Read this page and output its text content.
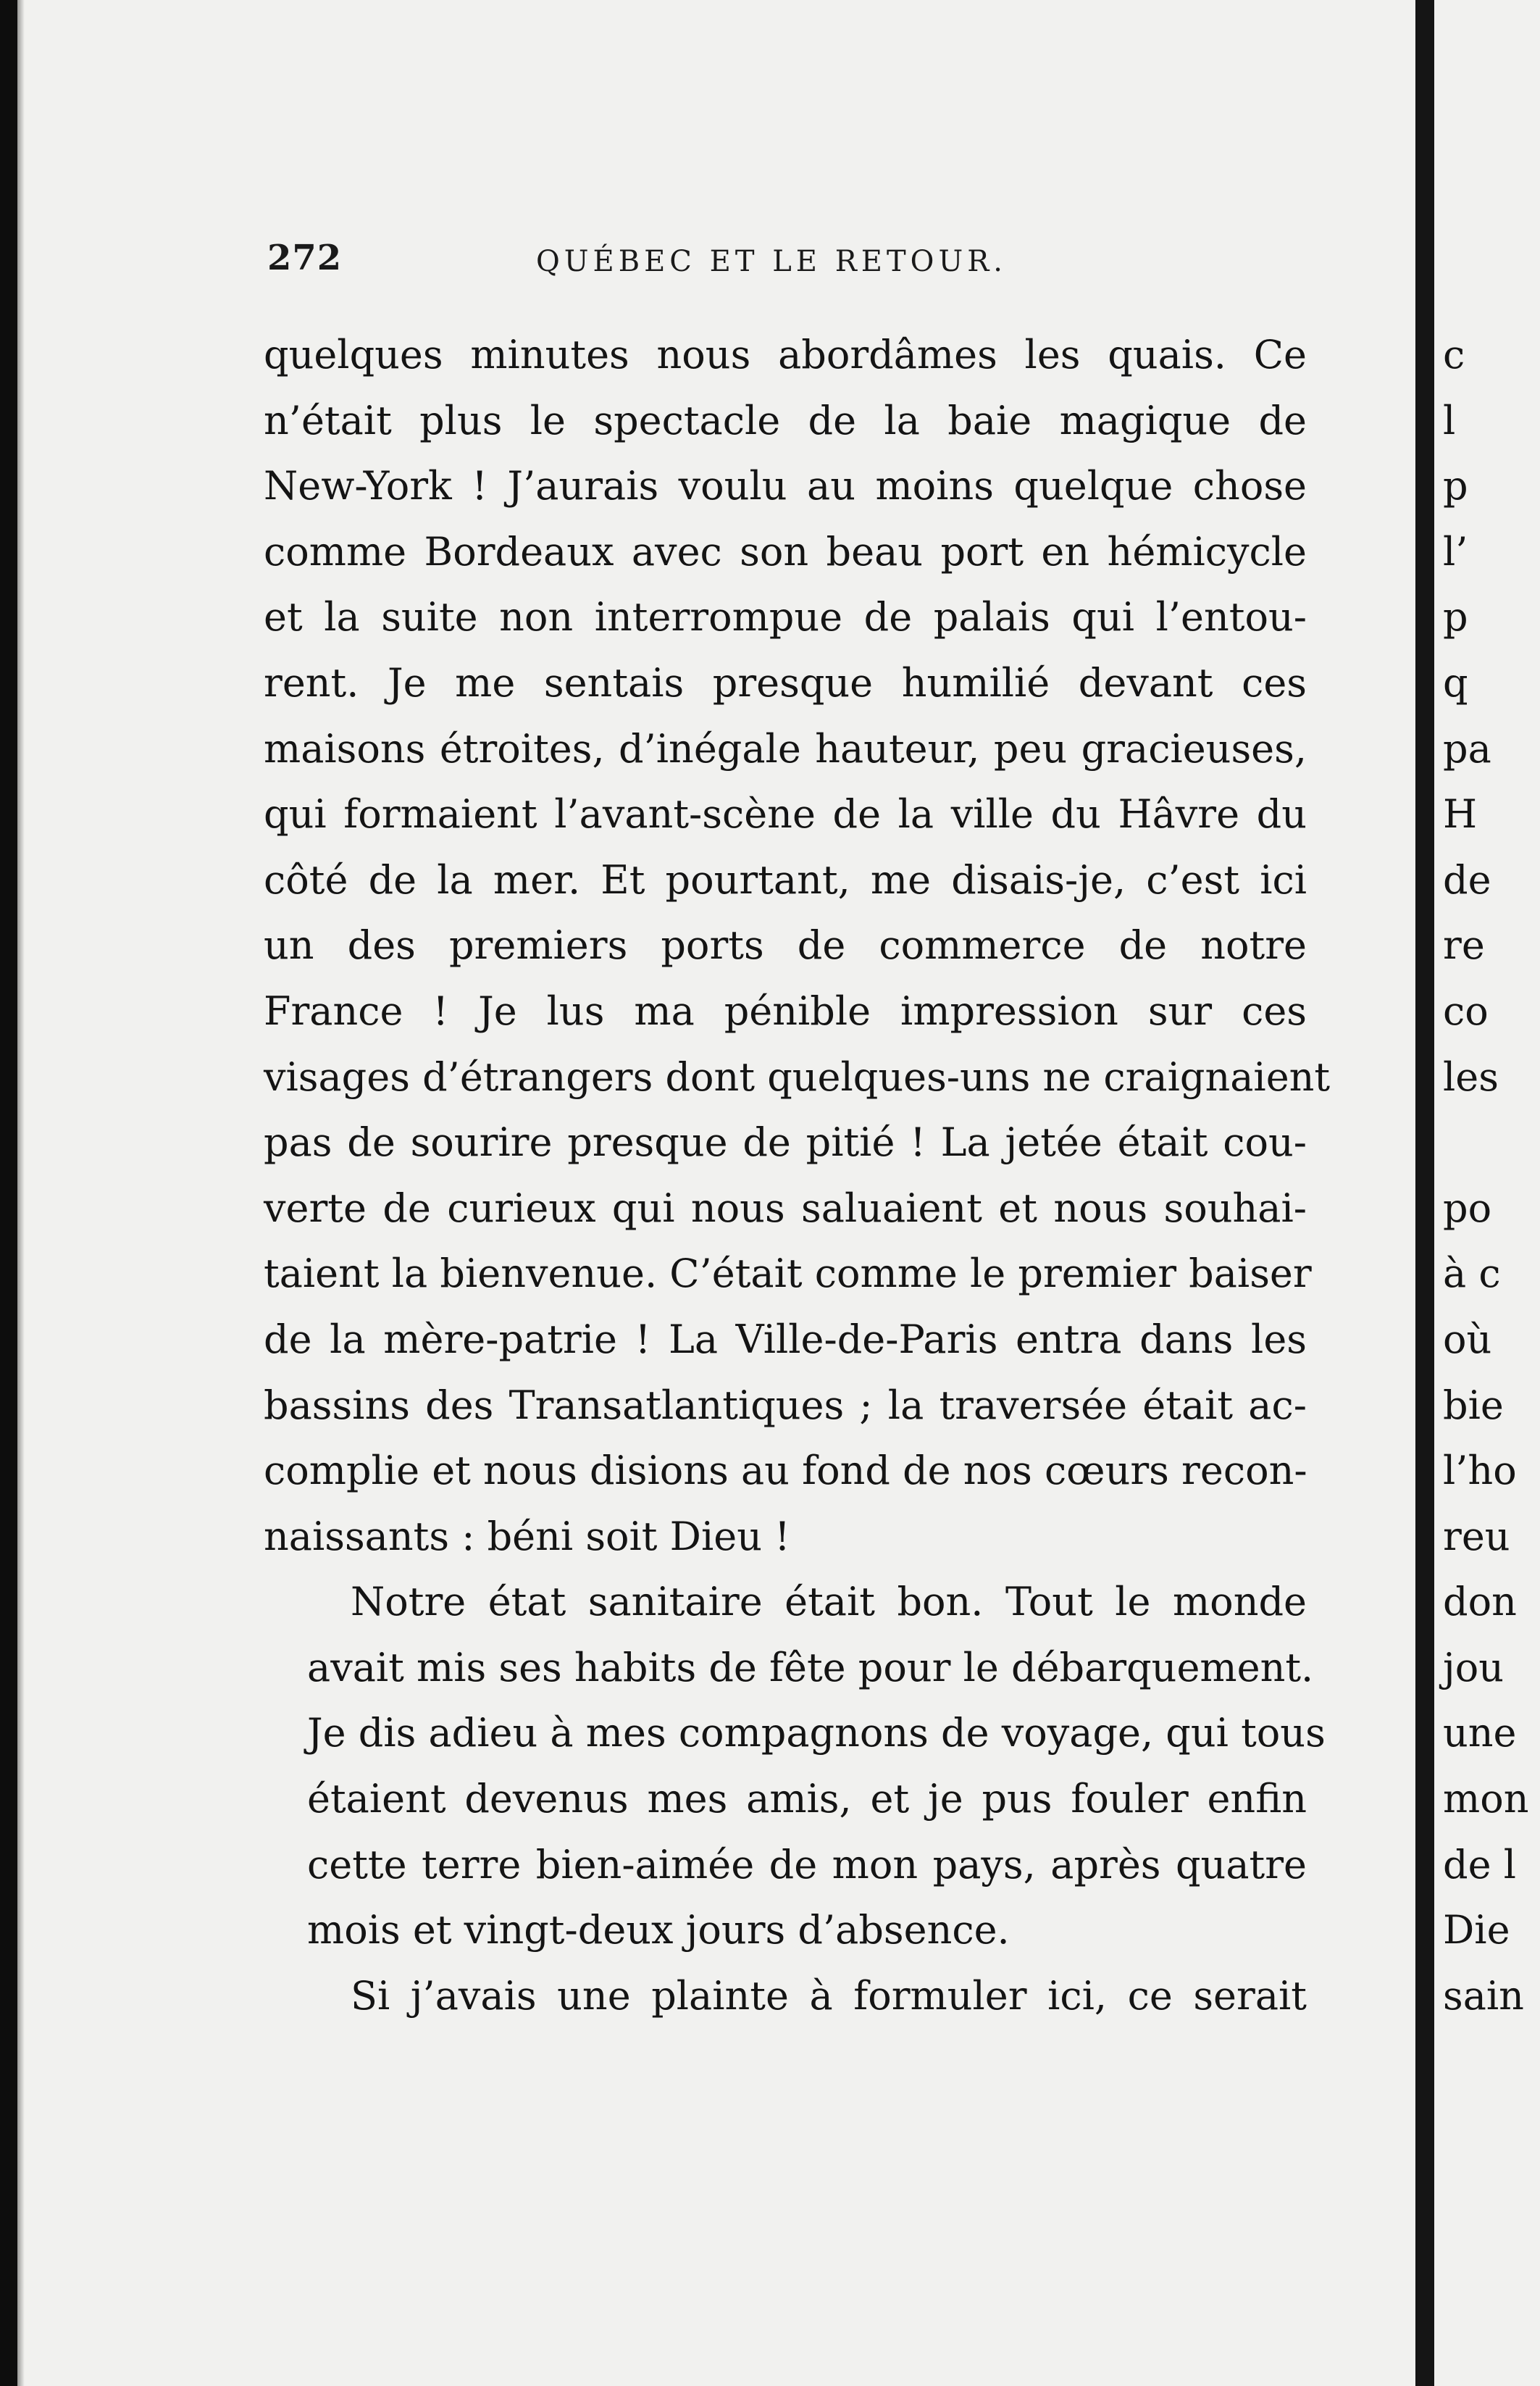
272	QUÉBEC ET LE RETOUR.

quelques minutes nous abordâmes les quais. Ce
n’était plus le spectacle de la baie magique de
New-York ! J’aurais voulu au moins quelque chose
comme Bordeaux avec son beau port en hémicycle
et la suite non interrompue de palais qui l’entou-
rent. Je me sentais presque humilié devant ces
maisons étroites, d’inégale hauteur, peu gracieuses,
qui formaient l’avant-scène de la ville du Hâvre du
côté de la mer. Et pourtant, me disais-je, c’est ici
un des premiers ports de commerce de notre
France ! Je lus ma pénible impression sur ces
visages d’étrangers dont quelques-uns ne craignaient
pas de sourire presque de pitié ! La jetée était cou-
verte de curieux qui nous saluaient et nous souhai-
taient la bienvenue. C’était comme le premier baiser
de la mère-patrie ! La Ville-de-Paris entra dans les
bassins des Transatlantiques ; la traversée était ac-
complie et nous disions au fond de nos cœurs recon-
naissants : béni soit Dieu !

Notre état sanitaire était bon. Tout le monde
avait mis ses habits de fête pour le débarquement.
Je dis adieu à mes compagnons de voyage, qui tous
étaient devenus mes amis, et je pus fouler enfin
cette terre bien-aimée de mon pays, après quatre
mois et vingt-deux jours d’absence.

Si j’avais une plainte à formuler ici, ce serait

c
l
p
l’
p
q
pa
H
de
re
co
les
po
à c
où
bie
l’ho
reu
don
jou
une
mon
de l
Die
sain
